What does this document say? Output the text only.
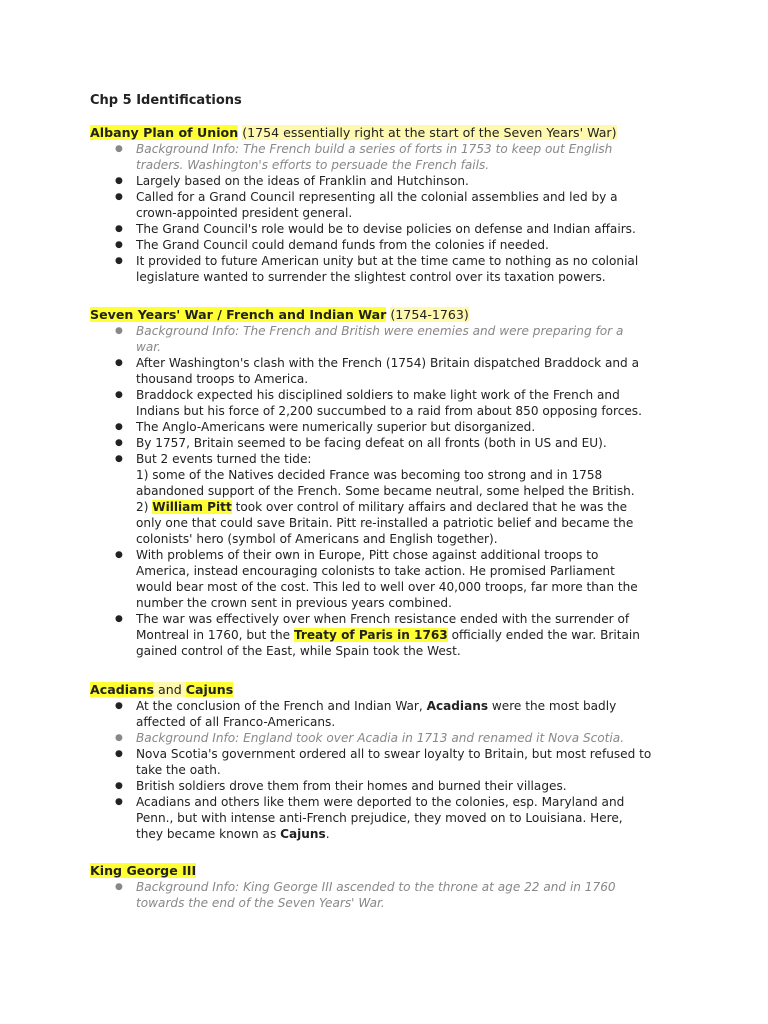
Chp 5 Identifications

Albany Plan of Union (1754 essentially right at the start of the Seven Years' War)

● Background Info: The French build a series of forts in 1753 to keep out English
traders. Washington's efforts to persuade the French fails.
● Largely based on the ideas of Franklin and Hutchinson.
● Called for a Grand Council representing all the colonial assemblies and led by a
crown-appointed president general.
● The Grand Council's role would be to devise policies on defense and Indian affairs.
● The Grand Council could demand funds from the colonies if needed.
● It provided to future American unity but at the time came to nothing as no colonial
legislature wanted to surrender the slightest control over its taxation powers.

Seven Years' War / French and Indian War (1754-1763)

● Background Info: The French and British were enemies and were preparing for a
war.
● After Washington's clash with the French (1754) Britain dispatched Braddock and a
thousand troops to America.
● Braddock expected his disciplined soldiers to make light work of the French and
Indians but his force of 2,200 succumbed to a raid from about 850 opposing forces.
● The Anglo-Americans were numerically superior but disorganized.
● By 1757, Britain seemed to be facing defeat on all fronts (both in US and EU).
● But 2 events turned the tide:
1) some of the Natives decided France was becoming too strong and in 1758
abandoned support of the French. Some became neutral, some helped the British.
2) William Pitt took over control of military affairs and declared that he was the
only one that could save Britain. Pitt re-installed a patriotic belief and became the
colonists' hero (symbol of Americans and English together).
● With problems of their own in Europe, Pitt chose against additional troops to
America, instead encouraging colonists to take action. He promised Parliament
would bear most of the cost. This led to well over 40,000 troops, far more than the
number the crown sent in previous years combined.
● The war was effectively over when French resistance ended with the surrender of
Montreal in 1760, but the Treaty of Paris in 1763 officially ended the war. Britain
gained control of the East, while Spain took the West.

Acadians and Cajuns

● At the conclusion of the French and Indian War, Acadians were the most badly
affected of all Franco-Americans.
● Background Info: England took over Acadia in 1713 and renamed it Nova Scotia.
● Nova Scotia's government ordered all to swear loyalty to Britain, but most refused to
take the oath.
● British soldiers drove them from their homes and burned their villages.
● Acadians and others like them were deported to the colonies, esp. Maryland and
Penn., but with intense anti-French prejudice, they moved on to Louisiana. Here,
they became known as Cajuns.

King George III

● Background Info: King George III ascended to the throne at age 22 and in 1760
towards the end of the Seven Years' War.
